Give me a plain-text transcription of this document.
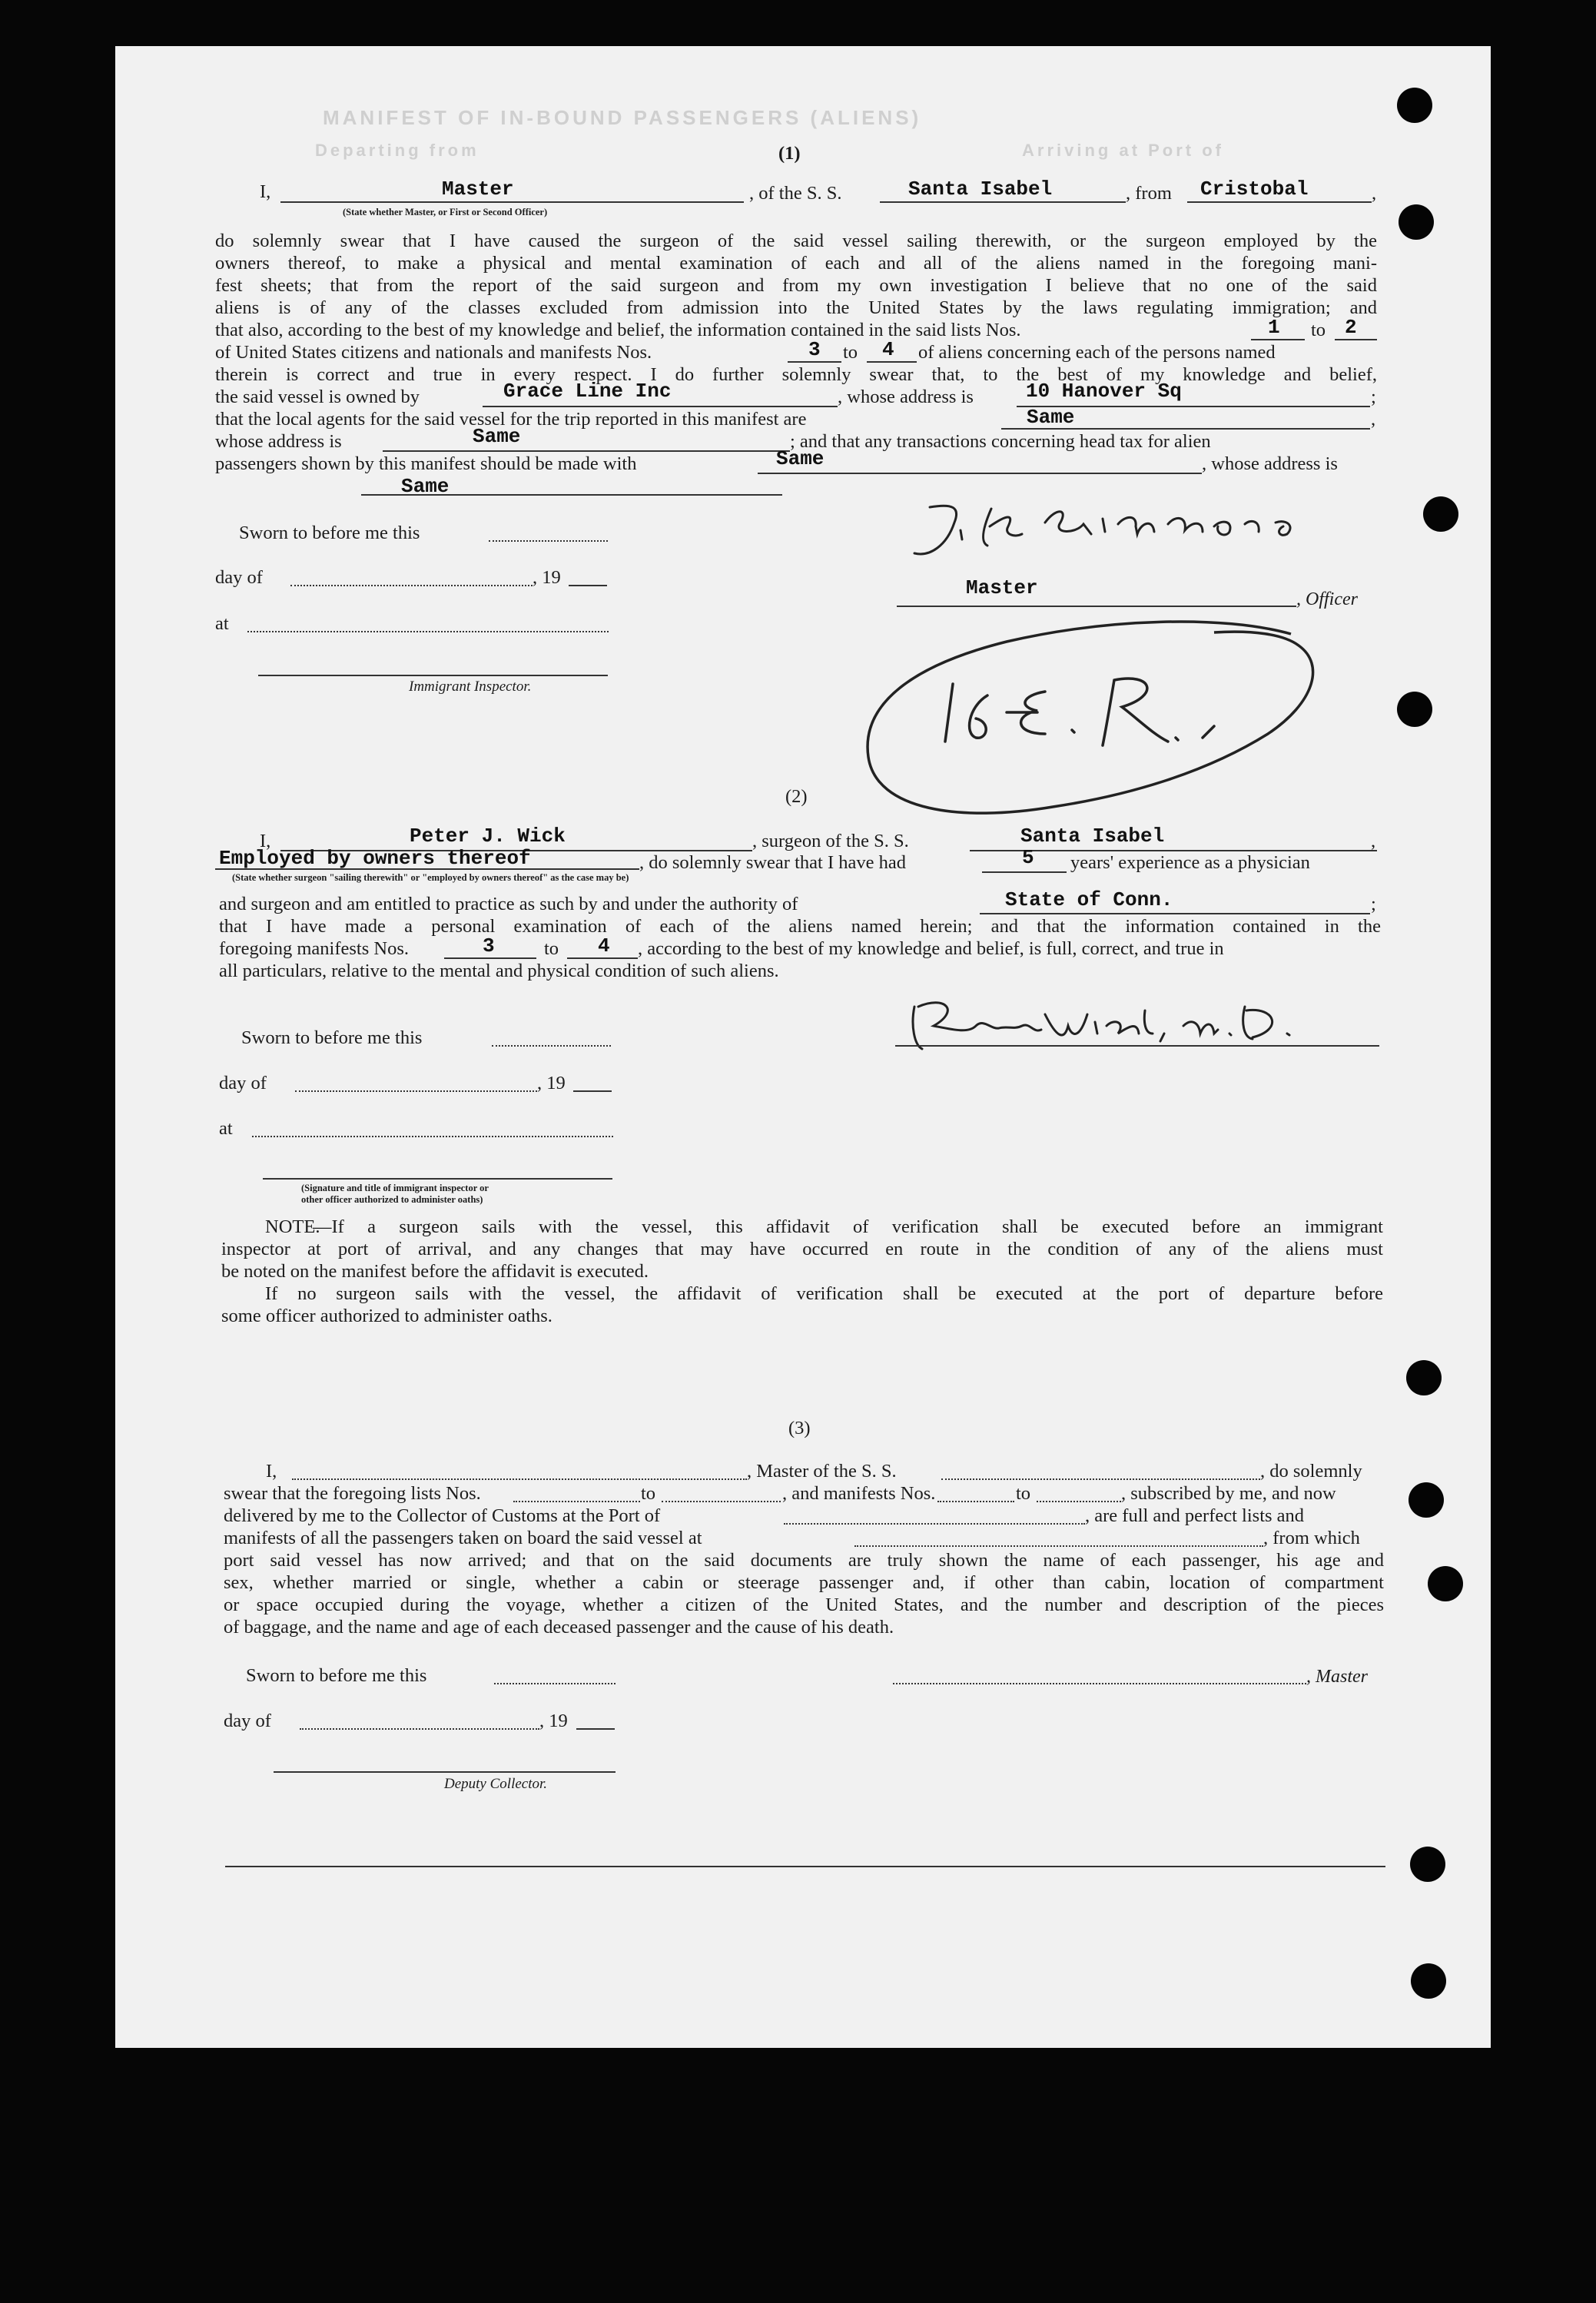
MANIFEST OF IN-BOUND PASSENGERS (ALIENS)
Departing from	Arriving at Port of
(1)
I,	Master
(State whether Master, or First or Second Officer)
, of the S. S.	Santa Isabel	, from Cristobal	,
do solemnly swear that I have caused the surgeon of the said vessel sailing therewith, or the surgeon employed by the
owners thereof, to make a physical and mental examination of each and all of the aliens named in the foregoing mani-
fest sheets; that from the report of the said surgeon and from my own investigation I believe that no one of the said
aliens is of any of the classes excluded from admission into the United States by the laws regulating immigration; and
that also, according to the best of my knowledge and belief, the information contained in the said lists Nos.	1 to 2
of United States citizens and nationals and manifests Nos.	3 to 4 of aliens concerning each of the persons named
therein is correct and true in every respect. I do further solemnly swear that, to the best of my knowledge and belief,
the said vessel is owned by	Grace Line Inc	, whose address is	10 Hanover Sq	;
that the local agents for the said vessel for the trip reported in this manifest are	Same	,
whose address is	Same	; and that any transactions concerning head tax for alien
passengers shown by this manifest should be made with	Same	, whose address is
Same
Sworn to before me this
day of	, 19
at
Immigrant Inspector.
Master	, Officer
(2)
I,	Peter J. Wick	, surgeon of the S. S.	Santa Isabel	,
Employed by owners thereof
(State whether surgeon "sailing therewith" or "employed by owners thereof" as the case may be)
, do solemnly swear that I have had	5 years' experience as a physician
and surgeon and am entitled to practice as such by and under the authority of	State of Conn.	;
that I have made a personal examination of each of the aliens named herein; and that the information contained in the
foregoing manifests Nos.	3	to 4 , according to the best of my knowledge and belief, is full, correct, and true in
all particulars, relative to the mental and physical condition of such aliens.
Sworn to before me this
day of	, 19
at
(Signature and title of immigrant inspector or
other officer authorized to administer oaths)
NOTE.
—If a surgeon sails with the vessel, this affidavit of verification shall be executed before an immigrant
inspector at port of arrival, and any changes that may have occurred en route in the condition of any of the aliens must
be noted on the manifest before the affidavit is executed.
If no surgeon sails with the vessel, the affidavit of verification shall be executed at the port of departure before
some officer authorized to administer oaths.
(3)
I,	, Master of the S. S.	, do solemnly
swear that the foregoing lists Nos.	to	, and manifests Nos.	to	, subscribed by me, and now
delivered by me to the Collector of Customs at the Port of	, are full and perfect lists and
manifests of all the passengers taken on board the said vessel at	, from which
port said vessel has now arrived; and that on the said documents are truly shown the name of each passenger, his age and
sex, whether married or single, whether a cabin or steerage passenger and, if other than cabin, location of compartment
or space occupied during the voyage, whether a citizen of the United States, and the number and description of the pieces
of baggage, and the name and age of each deceased passenger and the cause of his death.
Sworn to before me this	, Master
day of	, 19
Deputy Collector.
